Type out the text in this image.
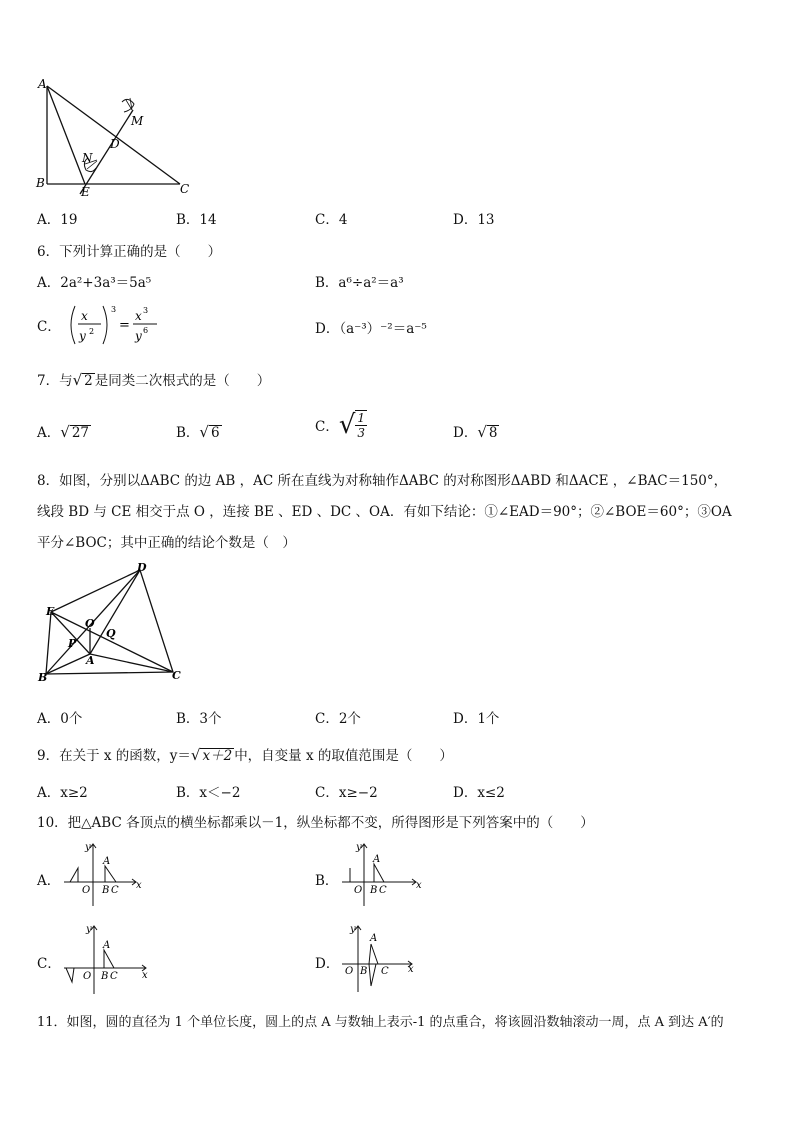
A
B	C
D
E
M
N
A．19	B．14	C．4	D．13
6．下列计算正确的是（　　）
A．2a²+3a³＝5a⁵	B．a⁶÷a²＝a³
C．
x
y 2
3
=
x 3
y 6	D．（a⁻³）⁻²＝a⁻⁵
7．与√ 2 是同类二次根式的是（　　）
A．√ 27	B．√ 6	C．√ $\frac{1}{3}$	D．√ 8
8．如图，分别以ΔABC 的边 AB ，AC 所在直线为对称轴作ΔABC 的对称图形ΔABD 和ΔACE ，∠BAC＝150°，
线段 BD 与 CE 相交于点 O ，连接 BE 、ED 、DC 、OA．有如下结论：①∠EAD＝90°；②∠BOE＝60°；③OA
平分∠BOC；其中正确的结论个数是（　）
D
E
O
Q
P
A
B	C
A．0个	B．3个	C．2个	D．1个
9．在关于 x 的函数，y＝√ x＋2 中，自变量 x 的取值范围是（　　）
A．x≥2	B．x＜−2	C．x≥−2	D．x≤2
10．把△ABC 各顶点的横坐标都乘以－1，纵坐标都不变，所得图形是下列答案中的（　　）
A．
y
x
O
A
B C
B．
y
x
O
A
B C
C．
y
x
O
A
B C
D．
y
x
O
A
B C
11．如图，圆的直径为 1 个单位长度，圆上的点 A 与数轴上表示-1 的点重合，将该圆沿数轴滚动一周，点 A 到达 A′的
